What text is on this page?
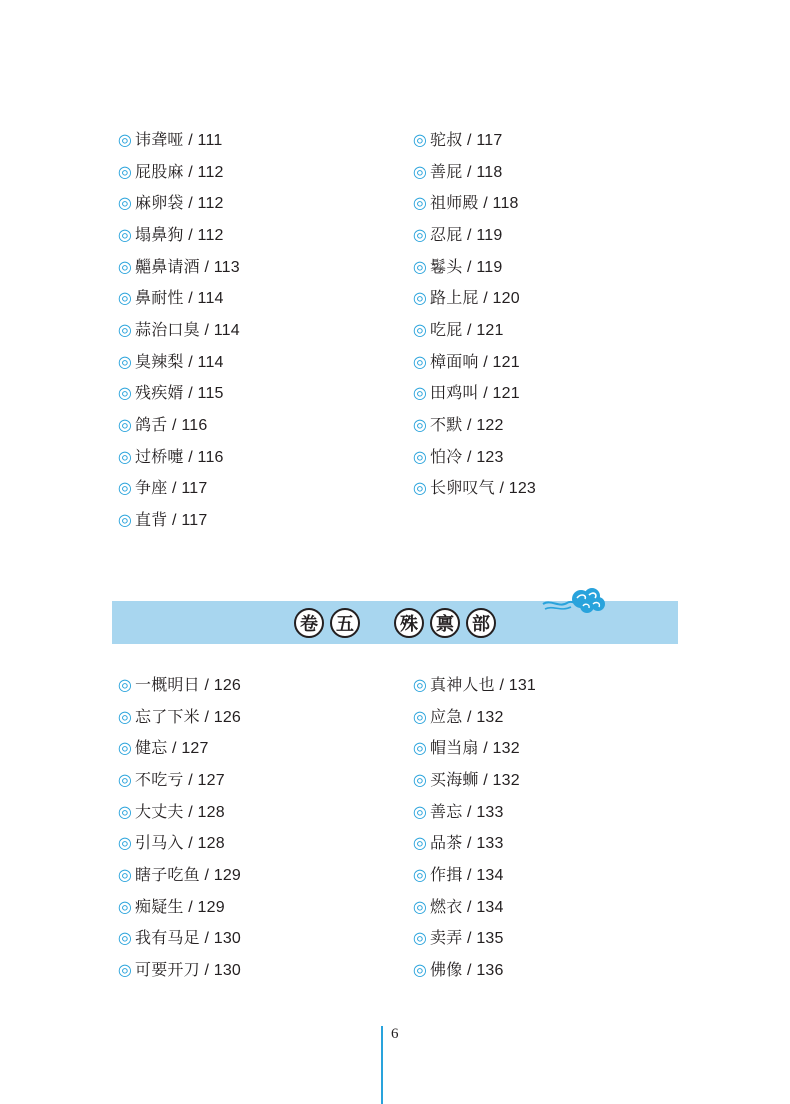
◎ 讳聋哑 / 111
◎ 屁股麻 / 112
◎ 麻卵袋 / 112
◎ 塌鼻狗 / 112
◎ 齆鼻请酒 / 113
◎ 鼻耐性 / 114
◎ 蒜治口臭 / 114
◎ 臭辣梨 / 114
◎ 残疾婿 / 115
◎ 鸽舌 / 116
◎ 过桥嚏 / 116
◎ 争座 / 117
◎ 直背 / 117
◎ 驼叔 / 117
◎ 善屁 / 118
◎ 祖师殿 / 118
◎ 忍屁 / 119
◎ 鬈头 / 119
◎ 路上屁 / 120
◎ 吃屁 / 121
◎ 樟面响 / 121
◎ 田鸡叫 / 121
◎ 不默 / 122
◎ 怕冷 / 123
◎ 长卵叹气 / 123
卷	五	殊	禀	部
◎ 一概明日 / 126
◎ 忘了下米 / 126
◎ 健忘 / 127
◎ 不吃亏 / 127
◎ 大丈夫 / 128
◎ 引马入 / 128
◎ 瞎子吃鱼 / 129
◎ 痴疑生 / 129
◎ 我有马足 / 130
◎ 可要开刀 / 130
◎ 真神人也 / 131
◎ 应急 / 132
◎ 帽当扇 / 132
◎ 买海蛳 / 132
◎ 善忘 / 133
◎ 品茶 / 133
◎ 作揖 / 134
◎ 燃衣 / 134
◎ 卖弄 / 135
◎ 佛像 / 136
6
